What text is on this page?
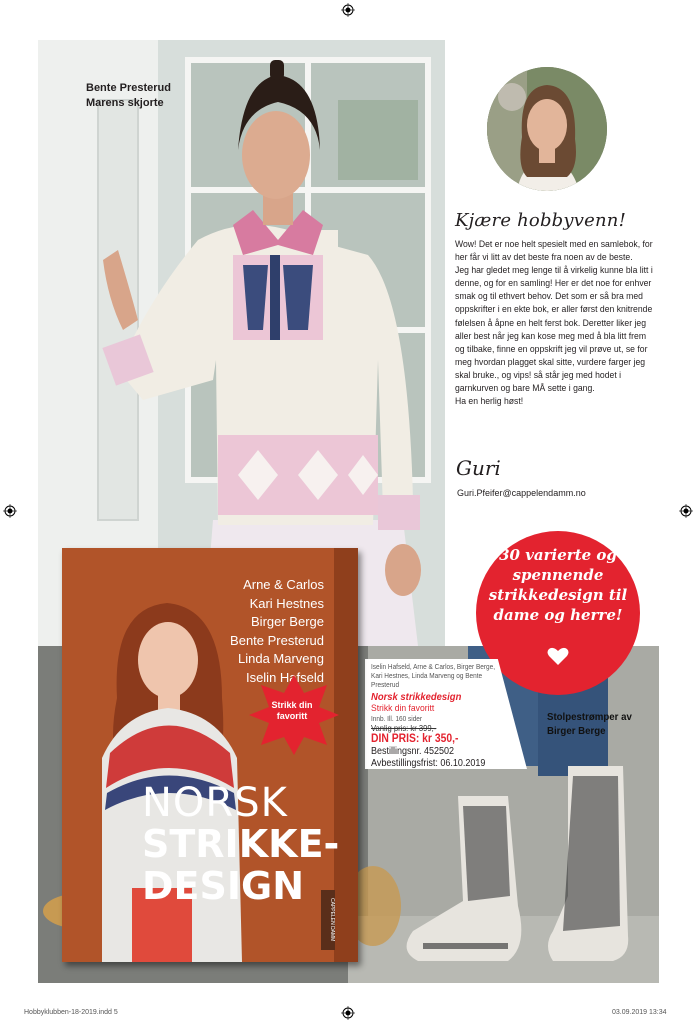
Bente Presterud
Marens skjorte
Kjære hobbyvenn!

Wow! Det er noe helt spesielt med en samlebok, for her får vi litt av det beste fra noen av de beste.

Jeg har gledet meg lenge til å virkelig kunne bla litt i denne, og for en samling! Her er det noe for enhver smak og til ethvert behov. Det som er så bra med oppskrifter i en ekte bok, er aller først den knitrende følelsen å åpne en helt ferst bok. Deretter liker jeg aller best når jeg kan kose meg med å bla litt frem og tilbake, finne en oppskrift jeg vil prøve ut, se for meg hvordan plagget skal sitte, vurdere farger jeg skal bruke., og vips! så står jeg med hodet i garnkurven og bare MÅ sette i gang.

Ha en herlig høst!

Guri
Guri.Pfeifer@cappelendamm.no
30 varierte og spennende strikkedesign til dame og herre!
Iselin Hafseld, Arne & Carlos, Birger Berge, Kari Hestnes, Linda Marveng og Bente Presterud
Norsk strikkedesign
Strikk din favoritt
Innb. Ill. 160 sider
Vanlig pris: kr 399,-
DIN PRIS: kr 350,-
Bestillingsnr. 452502
Avbestillingsfrist: 06.10.2019
Stolpestrømper av
Birger Berge
Arne & Carlos
Kari Hestnes
Birger Berge
Bente Presterud
Linda Marveng
Iselin Hafseld
Strikk din favoritt
NORSK
STRIKKE-
DESIGN
CAPPELEN DAMM
Hobbyklubben-18-2019.indd 5	03.09.2019 13:34
